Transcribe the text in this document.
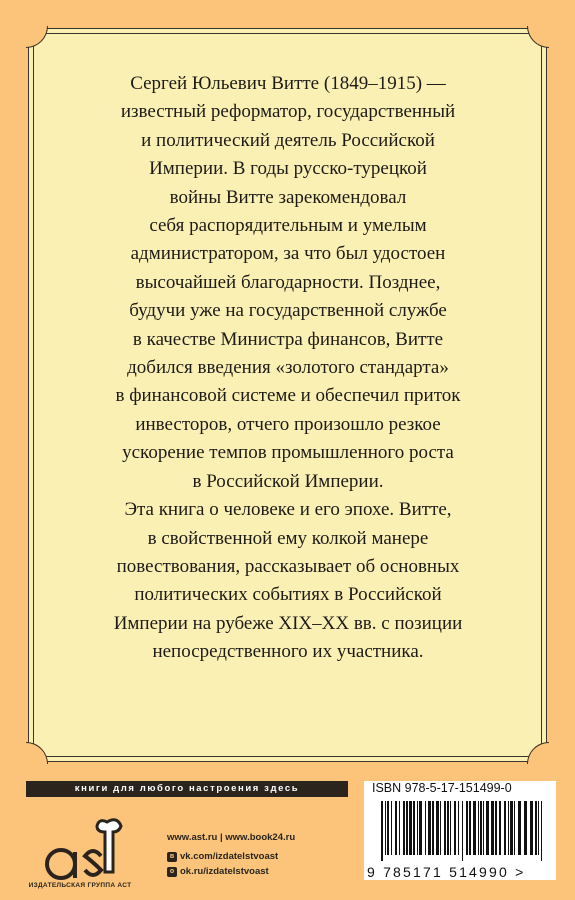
Сергей Юльевич Витте (1849–1915) —

известный реформатор, государственный

и политический деятель Российской

Империи. В годы русско-турецкой

войны Витте зарекомендовал

себя распорядительным и умелым

администратором, за что был удостоен

высочайшей благодарности. Позднее,

будучи уже на государственной службе

в качестве Министра финансов, Витте

добился введения «золотого стандарта»

в финансовой системе и обеспечил приток

инвесторов, отчего произошло резкое

ускорение темпов промышленного роста

в Российской Империи.

Эта книга о человеке и его эпохе. Витте,

в свойственной ему колкой манере

повествования, рассказывает об основных

политических событиях в Российской

Империи на рубеже XIX–XX вв. с позиции

непосредственного их участника.

книги для любого настроения здесь
ИЗДАТЕЛЬСКАЯ ГРУППА АСТ
www.ast.ru | www.book24.ru
в vk.com/izdatelstvoast
о ok.ru/izdatelstvoast
ISBN 978-5-17-151499-0
9 785171 514990 >
